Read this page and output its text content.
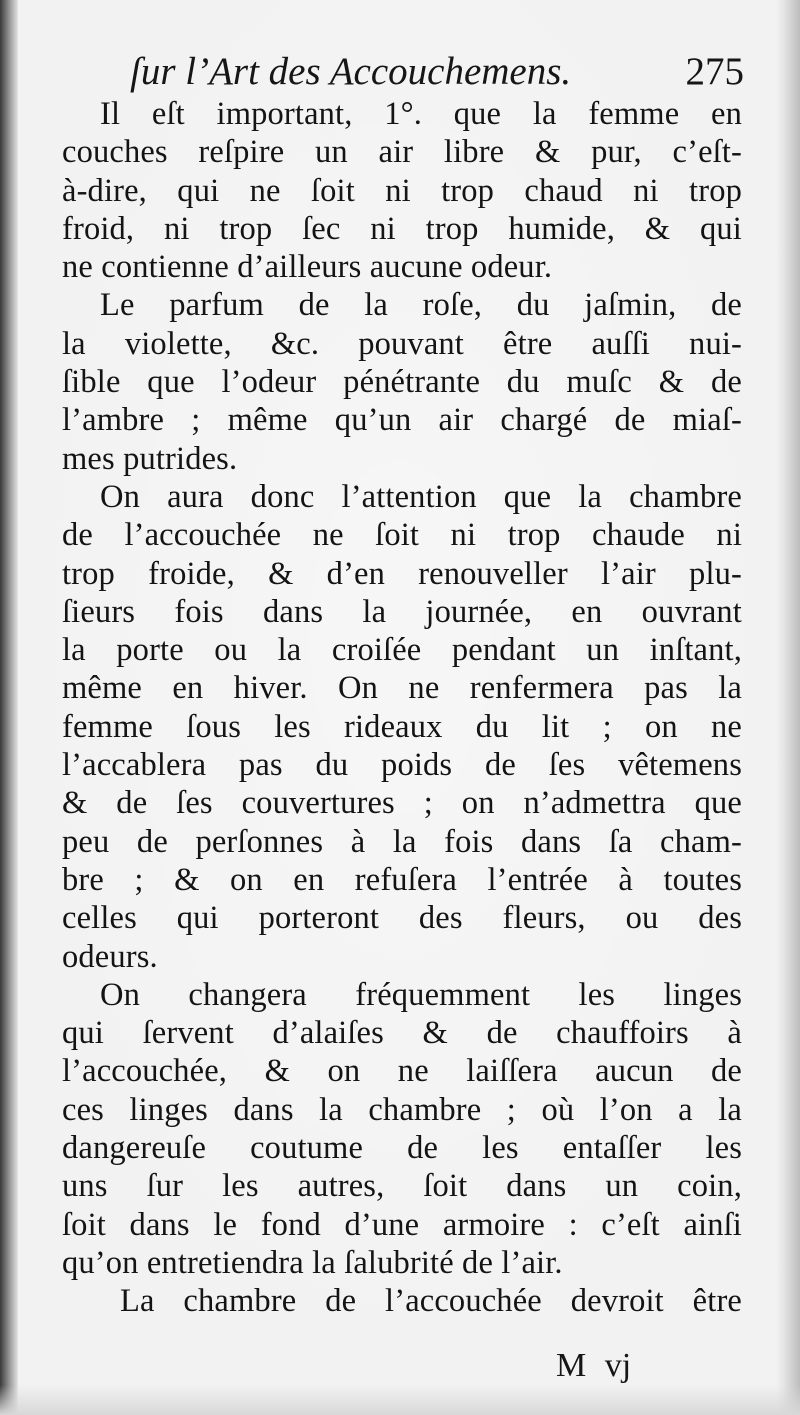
ſur l’Art des Accouchemens.	275
Il eſt important, 1°. que la femme en
couches reſpire un air libre & pur, c’eſt-
à-dire, qui ne ſoit ni trop chaud ni trop
froid, ni trop ſec ni trop humide, & qui
ne contienne d’ailleurs aucune odeur.
Le parfum de la roſe, du jaſmin, de
la violette, &c. pouvant être auſſi nui-
ſible que l’odeur pénétrante du muſc & de
l’ambre ; même qu’un air chargé de miaſ-
mes putrides.
On aura donc l’attention que la chambre
de l’accouchée ne ſoit ni trop chaude ni
trop froide, & d’en renouveller l’air plu-
ſieurs fois dans la journée, en ouvrant
la porte ou la croiſée pendant un inſtant,
même en hiver. On ne renfermera pas la
femme ſous les rideaux du lit ; on ne
l’accablera pas du poids de ſes vêtemens
& de ſes couvertures ; on n’admettra que
peu de perſonnes à la fois dans ſa cham-
bre ; & on en refuſera l’entrée à toutes
celles qui porteront des fleurs, ou des
odeurs.
On changera fréquemment les linges
qui ſervent d’alaiſes & de chauffoirs à
l’accouchée, & on ne laiſſera aucun de
ces linges dans la chambre ; où l’on a la
dangereuſe coutume de les entaſſer les
uns ſur les autres, ſoit dans un coin,
ſoit dans le fond d’une armoire : c’eſt ainſi
qu’on entretiendra la ſalubrité de l’air.
La chambre de l’accouchée devroit être
M vj
